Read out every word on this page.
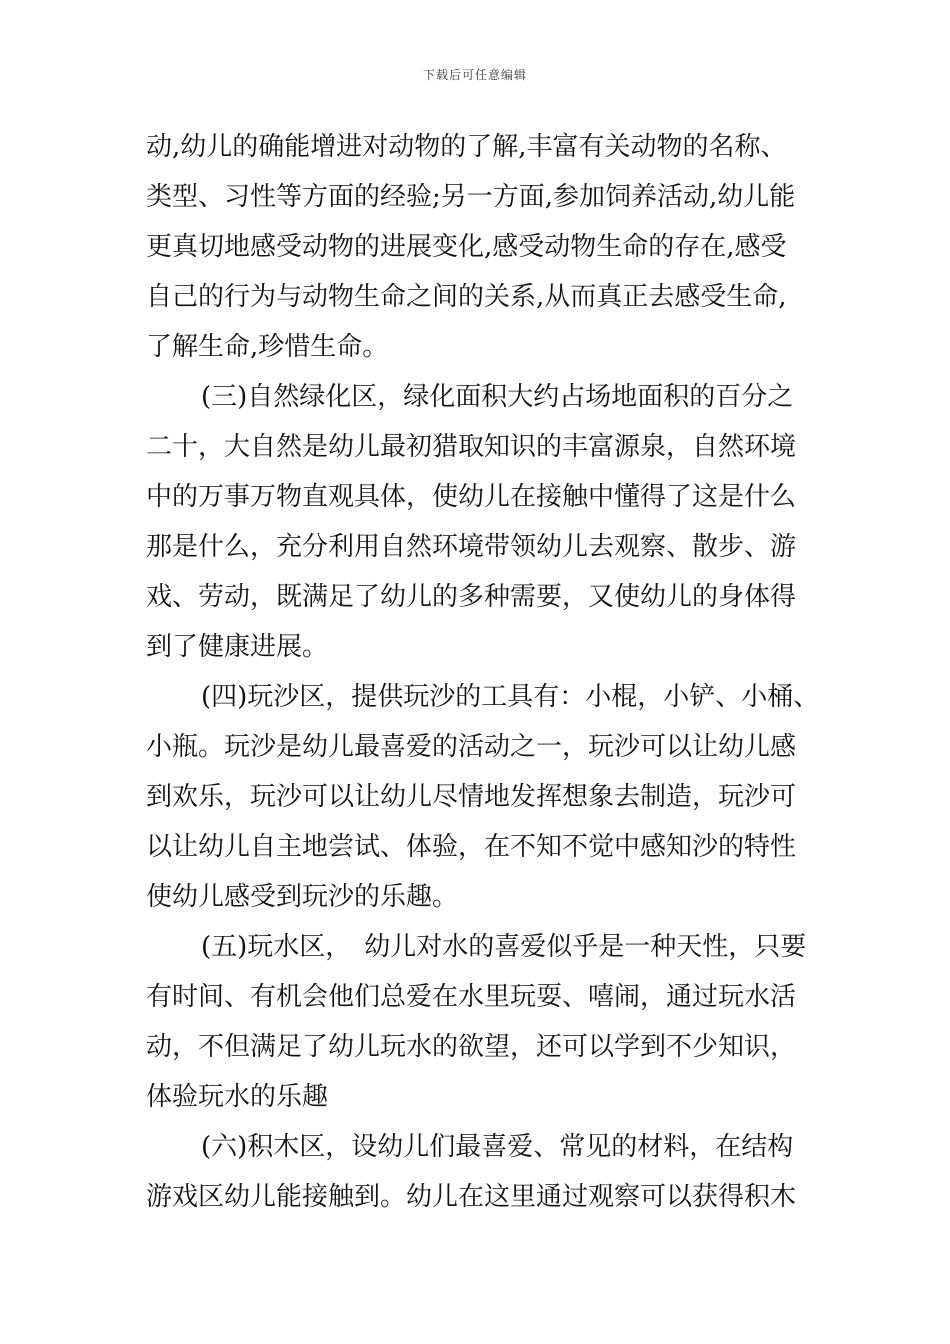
下载后可任意编辑
动,幼儿的确能增进对动物的了解,丰富有关动物的名称、
类型、习性等方面的经验;另一方面,参加饲养活动,幼儿能
更真切地感受动物的进展变化,感受动物生命的存在,感受
自己的行为与动物生命之间的关系,从而真正去感受生命,
了解生命,珍惜生命。
(三)自然绿化区，绿化面积大约占场地面积的百分之
二十，大自然是幼儿最初猎取知识的丰富源泉，自然环境
中的万事万物直观具体，使幼儿在接触中懂得了这是什么
那是什么，充分利用自然环境带领幼儿去观察、散步、游
戏、劳动，既满足了幼儿的多种需要，又使幼儿的身体得
到了健康进展。
(四)玩沙区，提供玩沙的工具有：小棍，小铲、小桶、
小瓶。玩沙是幼儿最喜爱的活动之一，玩沙可以让幼儿感
到欢乐，玩沙可以让幼儿尽情地发挥想象去制造，玩沙可
以让幼儿自主地尝试、体验，在不知不觉中感知沙的特性
使幼儿感受到玩沙的乐趣。
(五)玩水区，　幼儿对水的喜爱似乎是一种天性，只要
有时间、有机会他们总爱在水里玩耍、嘻闹，通过玩水活
动，不但满足了幼儿玩水的欲望，还可以学到不少知识，
体验玩水的乐趣
(六)积木区，设幼儿们最喜爱、常见的材料，在结构
游戏区幼儿能接触到。幼儿在这里通过观察可以获得积木
